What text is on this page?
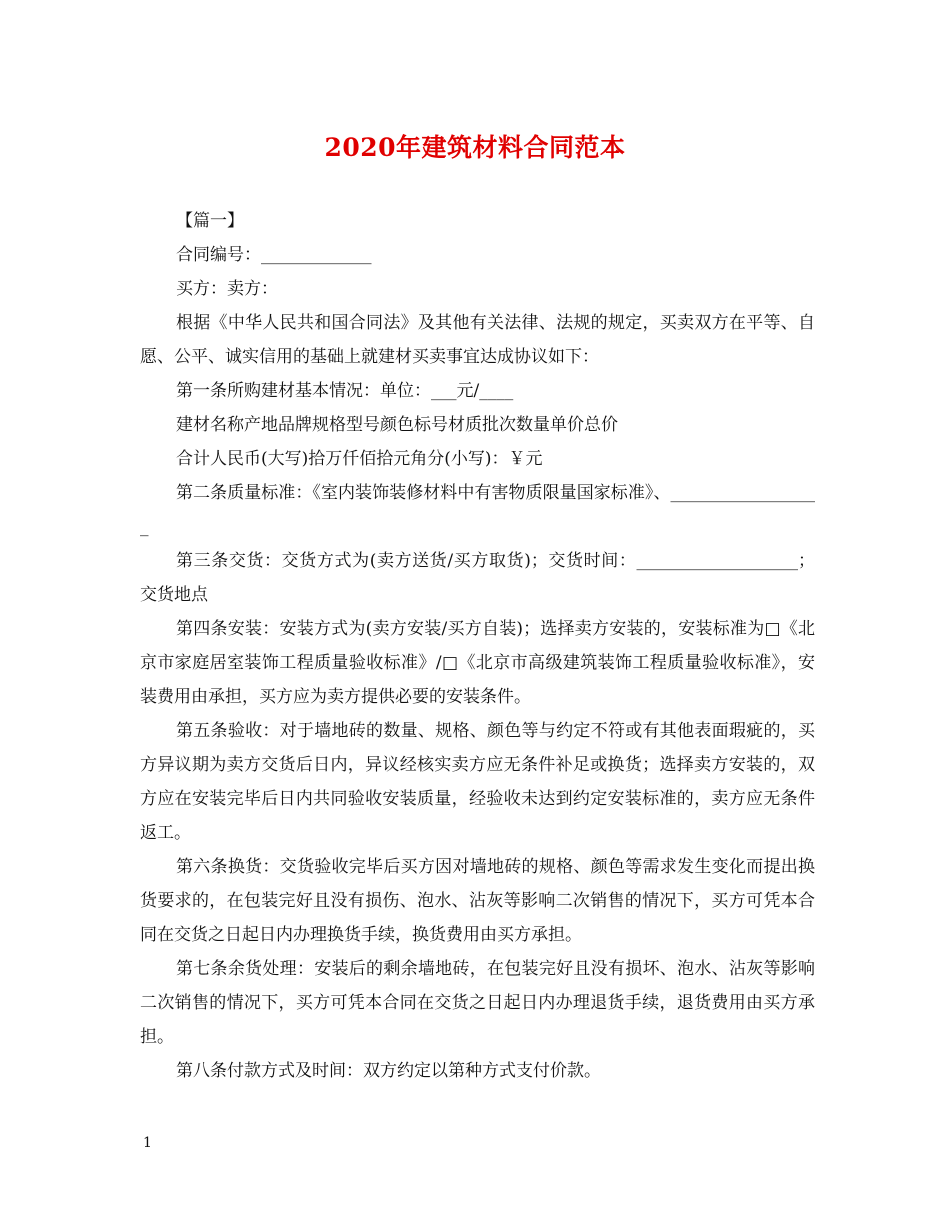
2020年建筑材料合同范本

【篇一】

合同编号：_____________

买方：卖方：

根据《中华人民共和国合同法》及其他有关法律、法规的规定，买卖双方在平等、自愿、公平、诚实信用的基础上就建材买卖事宜达成协议如下：

第一条所购建材基本情况：单位：___元/____

建材名称产地品牌规格型号颜色标号材质批次数量单价总价

合计人民币(大写)拾万仟佰拾元角分(小写)：￥元

第二条质量标准：《室内装饰装修材料中有害物质限量国家标准》、__________________

第三条交货：交货方式为(卖方送货/买方取货)；交货时间：___________________；交货地点

第四条安装：安装方式为(卖方安装/买方自装)；选择卖方安装的，安装标准为□《北京市家庭居室装饰工程质量验收标准》/□《北京市高级建筑装饰工程质量验收标准》，安装费用由承担，买方应为卖方提供必要的安装条件。

第五条验收：对于墙地砖的数量、规格、颜色等与约定不符或有其他表面瑕疵的，买方异议期为卖方交货后日内，异议经核实卖方应无条件补足或换货；选择卖方安装的，双方应在安装完毕后日内共同验收安装质量，经验收未达到约定安装标准的，卖方应无条件返工。

第六条换货：交货验收完毕后买方因对墙地砖的规格、颜色等需求发生变化而提出换货要求的，在包装完好且没有损伤、泡水、沾灰等影响二次销售的情况下，买方可凭本合同在交货之日起日内办理换货手续，换货费用由买方承担。

第七条余货处理：安装后的剩余墙地砖，在包装完好且没有损坏、泡水、沾灰等影响二次销售的情况下，买方可凭本合同在交货之日起日内办理退货手续，退货费用由买方承担。

第八条付款方式及时间：双方约定以第种方式支付价款。

1
